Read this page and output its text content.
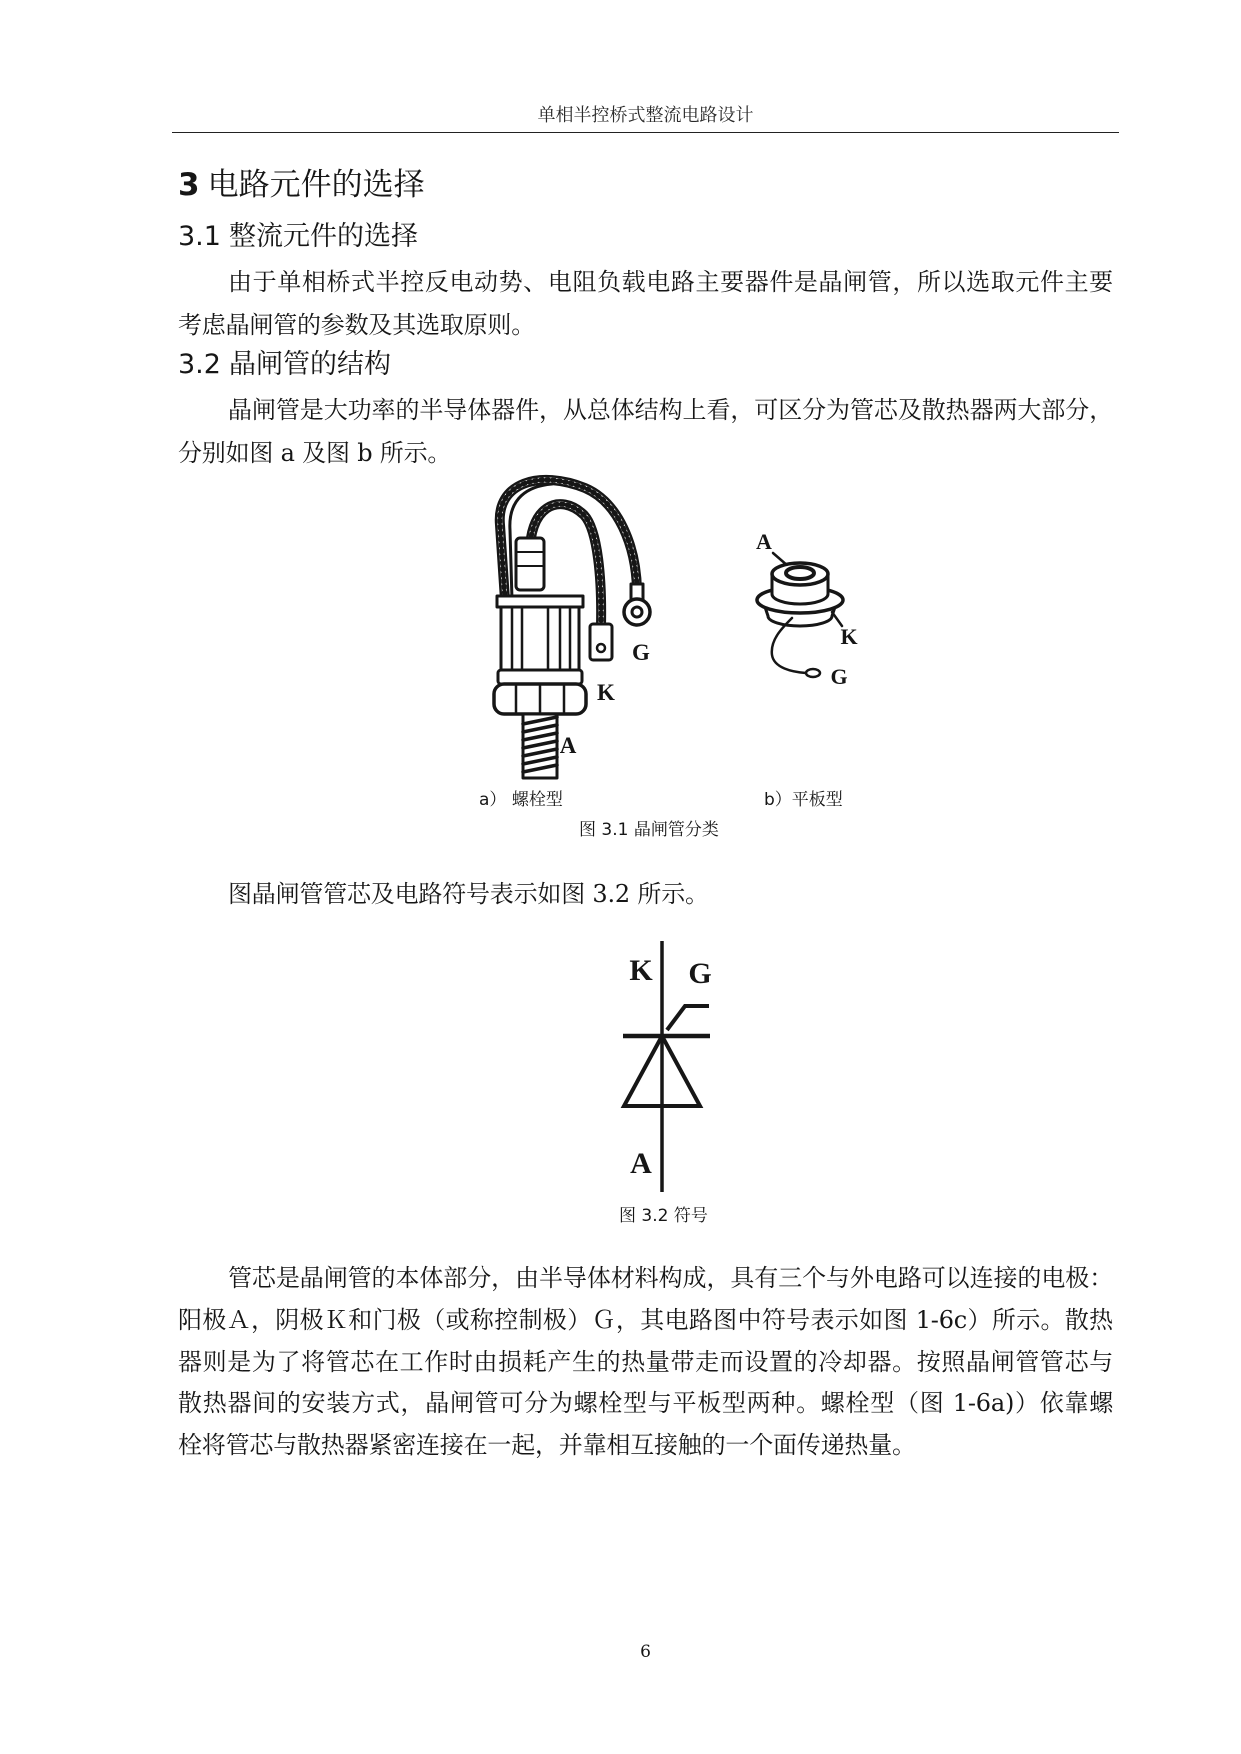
单相半控桥式整流电路设计
3 电路元件的选择
3.1 整流元件的选择
由于单相桥式半控反电动势、电阻负载电路主要器件是晶闸管，所以选取元件主要
考虑晶闸管的参数及其选取原则。
3.2 晶闸管的结构
晶闸管是大功率的半导体器件，从总体结构上看，可区分为管芯及散热器两大部分，
分别如图 a 及图 b 所示。
G
K
A
A
K
G
a） 螺栓型	b）平板型
图 3.1 晶闸管分类
图晶闸管管芯及电路符号表示如图 3.2 所示。
K G
A
图 3.2 符号
管芯是晶闸管的本体部分，由半导体材料构成，具有三个与外电路可以连接的电极：
阳极Ａ，阴极Ｋ和门极（或称控制极）Ｇ，其电路图中符号表示如图 1-6c）所示。散热
器则是为了将管芯在工作时由损耗产生的热量带走而设置的冷却器。按照晶闸管管芯与
散热器间的安装方式，晶闸管可分为螺栓型与平板型两种。螺栓型（图 1-6a)）依靠螺
栓将管芯与散热器紧密连接在一起，并靠相互接触的一个面传递热量。
6
